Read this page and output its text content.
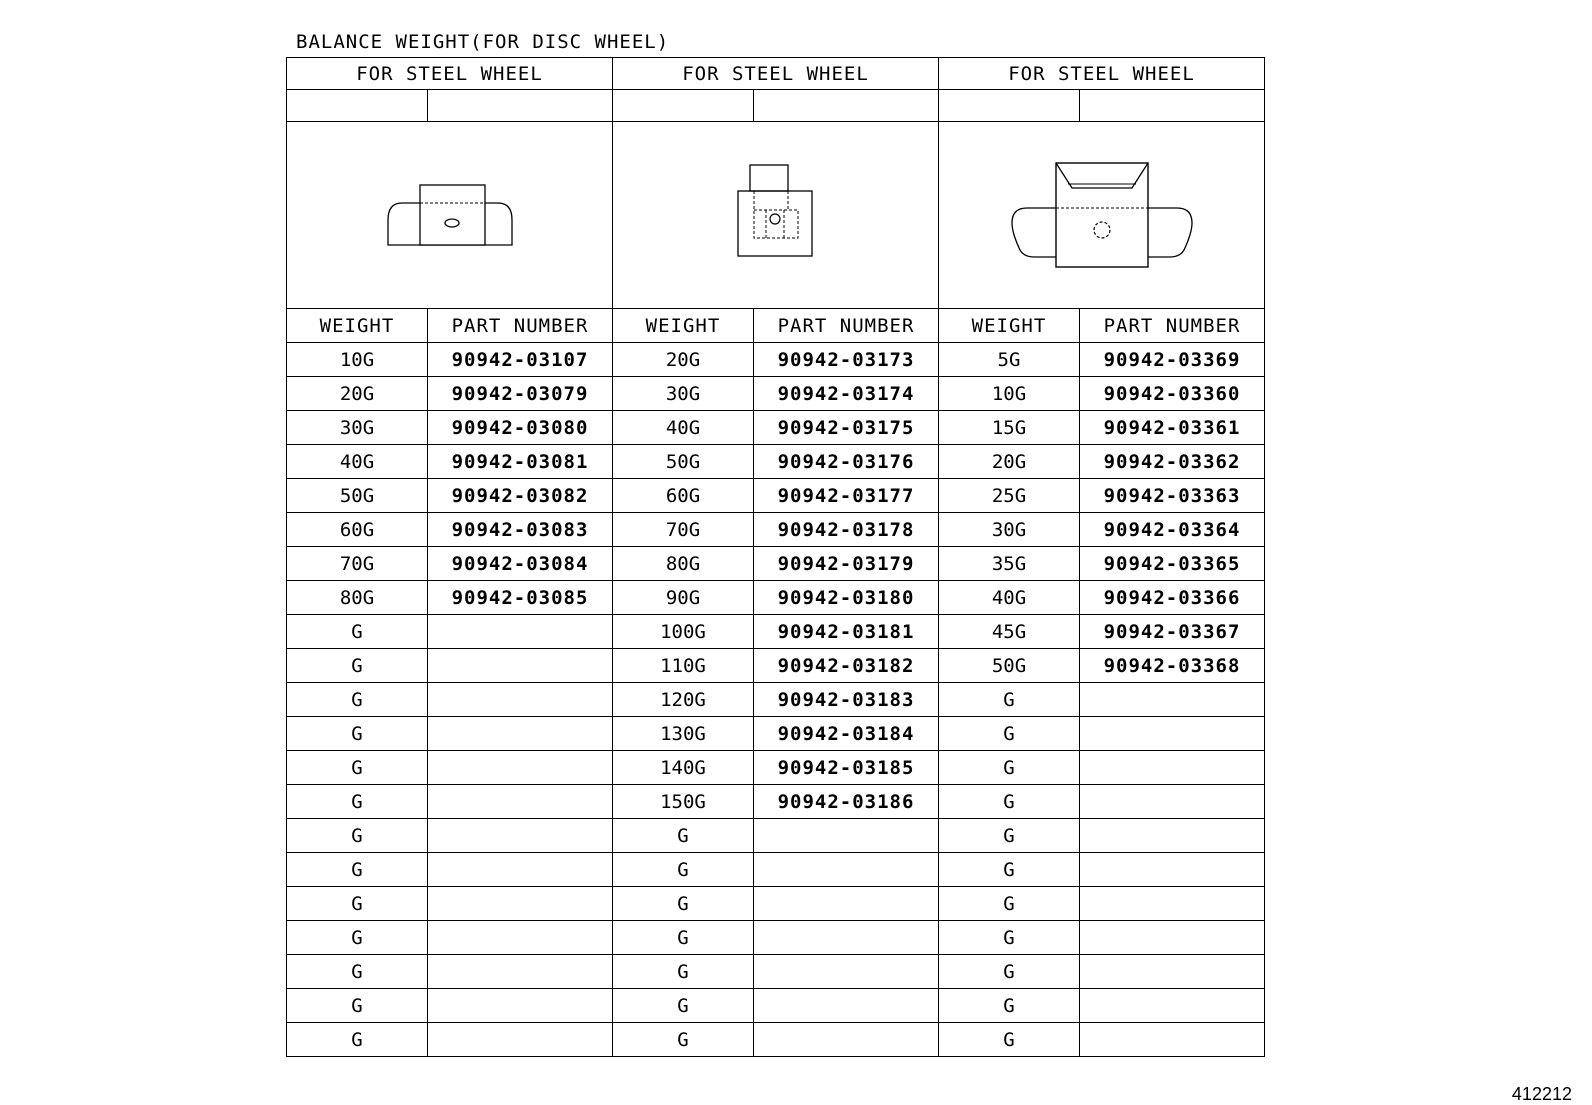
BALANCE WEIGHT(FOR DISC WHEEL)
FOR STEEL WHEEL		FOR STEEL WHEEL		FOR STEEL WHEEL	

WEIGHT	PART NUMBER	WEIGHT	PART NUMBER	WEIGHT	PART NUMBER
10G	90942-03107	20G	90942-03173	5G	90942-03369
20G	90942-03079	30G	90942-03174	10G	90942-03360
30G	90942-03080	40G	90942-03175	15G	90942-03361
40G	90942-03081	50G	90942-03176	20G	90942-03362
50G	90942-03082	60G	90942-03177	25G	90942-03363
60G	90942-03083	70G	90942-03178	30G	90942-03364
70G	90942-03084	80G	90942-03179	35G	90942-03365
80G	90942-03085	90G	90942-03180	40G	90942-03366
G		100G	90942-03181	45G	90942-03367
G		110G	90942-03182	50G	90942-03368
G		120G	90942-03183	G	
G		130G	90942-03184	G	
G		140G	90942-03185	G	
G		150G	90942-03186	G	
G		G		G	
G		G		G	
G		G		G	
G		G		G	
G		G		G	
G		G		G	
G		G		G	
412212
